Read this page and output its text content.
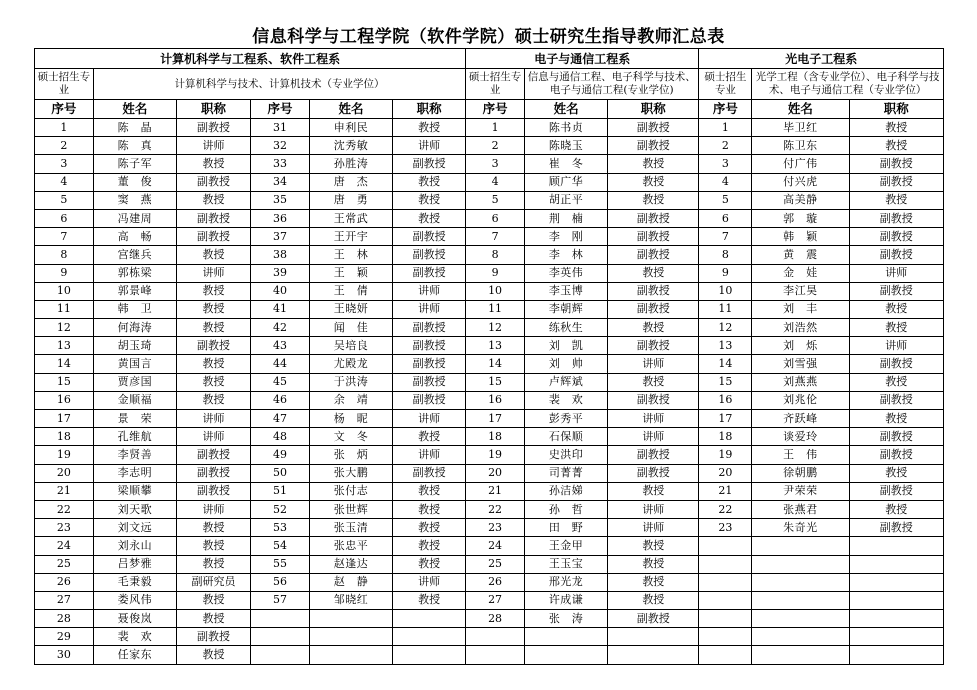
信息科学与工程学院（软件学院）硕士研究生指导教师汇总表
计算机科学与工程系、软件工程系						电子与通信工程系			光电子工程系		
硕士招生专业	计算机科学与技术、计算机技术（专业学位）					硕士招生专业	信息与通信工程、电子科学与技术、电子与通信工程(专业学位)		硕士招生专业	光学工程（含专业学位）、电子科学与技术、电子与通信工程（专业学位）	
序号	姓名	职称	序号	姓名	职称	序号	姓名	职称	序号	姓名	职称
1	陈　晶	副教授	31	申利民	教授	1	陈书贞	副教授	1	毕卫红	教授
2	陈　真	讲师	32	沈秀敏	讲师	2	陈晓玉	副教授	2	陈卫东	教授
3	陈子军	教授	33	孙胜涛	副教授	3	崔　冬	教授	3	付广伟	副教授
4	董　俊	副教授	34	唐　杰	教授	4	顾广华	教授	4	付兴虎	副教授
5	窦　燕	教授	35	唐　勇	教授	5	胡正平	教授	5	高美静	教授
6	冯建周	副教授	36	王常武	教授	6	荆　楠	副教授	6	郭　璇	副教授
7	高　畅	副教授	37	王开宇	副教授	7	李　刚	副教授	7	韩　颖	副教授
8	宫继兵	教授	38	王　林	副教授	8	李　林	副教授	8	黄　震	副教授
9	郭栋梁	讲师	39	王　颖	副教授	9	李英伟	教授	9	金　娃	讲师
10	郭景峰	教授	40	王　倩	讲师	10	李玉博	副教授	10	李江昊	副教授
11	韩　卫	教授	41	王晓妍	讲师	11	李朝辉	副教授	11	刘　丰	教授
12	何海涛	教授	42	闻　佳	副教授	12	练秋生	教授	12	刘浩然	教授
13	胡玉琦	副教授	43	吴培良	副教授	13	刘　凯	副教授	13	刘　烁	讲师
14	黄国言	教授	44	尤殿龙	副教授	14	刘　帅	讲师	14	刘雪强	副教授
15	贾彦国	教授	45	于洪涛	副教授	15	卢辉斌	教授	15	刘燕燕	教授
16	金顺福	教授	46	余　靖	副教授	16	裴　欢	副教授	16	刘兆伦	副教授
17	景　荣	讲师	47	杨　昵	讲师	17	彭秀平	讲师	17	齐跃峰	教授
18	孔维航	讲师	48	文　冬	教授	18	石保顺	讲师	18	谈爱玲	副教授
19	李贤善	副教授	49	张　炳	讲师	19	史洪印	副教授	19	王　伟	副教授
20	李志明	副教授	50	张大鹏	副教授	20	司菁菁	副教授	20	徐朝鹏	教授
21	梁顺攀	副教授	51	张付志	教授	21	孙洁娣	教授	21	尹荣荣	副教授
22	刘天歌	讲师	52	张世辉	教授	22	孙　哲	讲师	22	张燕君	教授
23	刘文远	教授	53	张玉清	教授	23	田　野	讲师	23	朱奇光	副教授
24	刘永山	教授	54	张忠平	教授	24	王金甲	教授			
25	吕梦雅	教授	55	赵逢达	教授	25	王玉宝	教授			
26	毛秉毅	副研究员	56	赵　静	讲师	26	邢光龙	教授			
27	娄风伟	教授	57	邹晓红	教授	27	许成谦	教授			
28	聂俊岚	教授				28	张　涛	副教授			
29	裴　欢	副教授									
30	任家东	教授									
